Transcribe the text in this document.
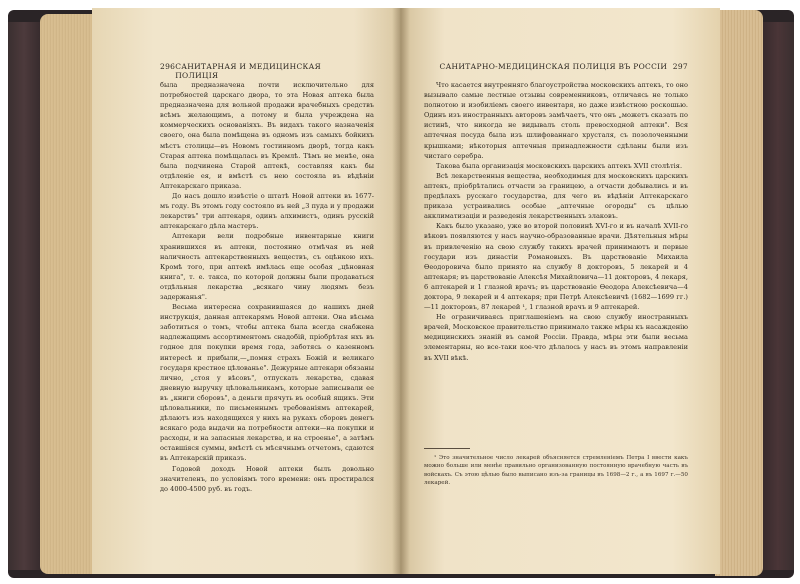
296 САНИТАРНАЯ И МЕДИЦИНСКАЯ ПОЛИЦІЯ

была предназначена почти исключительно для потребностей царскаго двора, то эта Новая аптека была предназначена для вольной продажи врачебныхъ средствъ всѣмъ желающимъ, а потому и была учреждена на коммерческихъ основаніяхъ. Въ видахъ такого назначенія своего, она была помѣщена въ одномъ изъ самыхъ бойкихъ мѣстъ столицы—въ Новомъ гостинномъ дворѣ, тогда какъ Старая аптека помѣщалась въ Кремлѣ. Тѣмъ не менѣе, она была подчинена Старой аптекѣ, составляя какъ бы отдѣленіе ея, и вмѣстѣ съ нею состояла въ вѣдѣніи Аптекарскаго приказа.

До насъ дошло извѣстіе о штатѣ Новой аптеки въ 1677-мъ году. Въ этомъ году состояло въ ней „3 пуда и у продажи лекарствъ" три аптекаря, одинъ алхимистъ, одинъ русскій аптекарскаго дѣла мастеръ.

Аптекари вели подробные инвентарные книги хранившихся въ аптеки, постоянно отмѣчая въ ней наличность аптекарственныхъ веществъ, съ оцѣнкою ихъ. Кромѣ того, при аптекѣ имѣлась еще особая „цѣновная книга", т. е. такса, по которой должны были продаваться отдѣльныя лекарства „всякаго чину людямъ безъ задержанья".

Весьма интересна сохранившаяся до нашихъ дней инструкція, данная аптекарямъ Новой аптеки. Она вѣсьма заботиться о томъ, чтобы аптека была всегда снабжена надлежащимъ ассортиментомъ снадобій, пріобрѣтая нхъ въ годное для покупки время года, заботясь о казенномъ интересѣ и прибыли,—„помня страхъ Божій и великаго государя крестное цѣлованье". Дежурные аптекари обязаны лично, „стоя у вѣсовъ", отпускать лекарства, сдавая дневную выручку цѣловальникамъ, которые записывали ее въ „книги сборовъ", а деньги прячуть въ особый ящикъ. Эти цѣловальники, по письменнымъ требованіямъ аптекарей, дѣлаютъ изъ находящихся у нихъ на рукахъ сборовъ денегъ всякаго рода выдачи на потребности аптеки—на покупки и расходы, и на запасныя лекарства, и на строенье", а затѣмъ оставшіяся суммы, вмѣстѣ съ мѣсячнымъ отчетомъ, сдаются въ Аптекарскій приказъ.

Годовой доходъ Новой аптеки былъ довольно значителенъ, по условіямъ того времени: онъ простирался до 4000-4500 руб. въ годъ.

САНИТАРНО-МЕДИЦИНСКАЯ ПОЛИЦІЯ ВЪ РОССІИ 297

Что касается внутренняго благоустройства московскихъ аптекъ, то оно вызывало самые лестные отзывы современниковъ, отличаясь не только полнотою и изобиліемъ своего инвентаря, но даже извѣстною роскошью. Одинъ изъ иностранныхъ авторовъ замѣчаетъ, что онъ „можетъ сказать по истинѣ, что никогда не видывалъ столь превосходной аптеки". Вся аптечная посуда была изъ шлифованнаго хрусталя, съ позолоченными крышками; нѣкоторыя аптечныя принадлежности сдѣланы были изъ чистаго серебра.

Такова была организація московскихъ царскихъ аптекъ XVII столѣтія.

Всѣ лекарственныя вещества, необходимыя для московскихъ царскихъ аптекъ, пріобрѣтались отчасти за границею, а отчасти добывались и въ предѣлахъ русскаго государства, для чего въ вѣдѣніи Аптекарскаго приказа устраивались особые „аптечные огороды" съ цѣлью акклиматизаціи и разведенія лекарственныхъ злаковъ.

Какъ было указано, уже во второй половинѣ XVI-го и въ началѣ XVII-го вѣковъ появляются у насъ научно-образованные врачи. Дѣятельныя мѣры въ привлеченію на свою службу такихъ врачей принимаютъ и первые государи изъ династіи Романовыхъ. Въ царствованіе Михаила Ѳеодоровича было принято на службу 8 докторовъ, 5 лекарей и 4 аптекаря; въ царствованіе Алексѣя Михайловича—11 докторовъ, 4 лекаря, 6 аптекарей и 1 глазной врачъ; въ царствованіе Ѳеодора Алексѣевича—4 доктора, 9 лекарей и 4 аптекаря; при Петрѣ Алексѣевичѣ (1682—1699 гг.)—11 докторовъ, 87 лекарей ¹, 1 глазной врачъ и 9 аптекарей.

Не ограничиваясь приглашеніемъ на свою службу иностранныхъ врачей, Московское правительство принимало также мѣры къ насажденію медицинскихъ знаній въ самой Россіи. Правда, мѣры эти были весьма элементарны, но все-таки кое-что дѣлалось у насъ въ этомъ направленіи въ XVII вѣкѣ.

¹ Это значительное число лекарей объясняется стремленіемъ Петра I ввести какъ можно больше или менѣе правильно организованную постоянную врачебную часть въ войскахъ. Съ этою цѣлью было выписано изъ-за границы въ 1698—2 г., а въ 1697 г.—50 лекарей.
